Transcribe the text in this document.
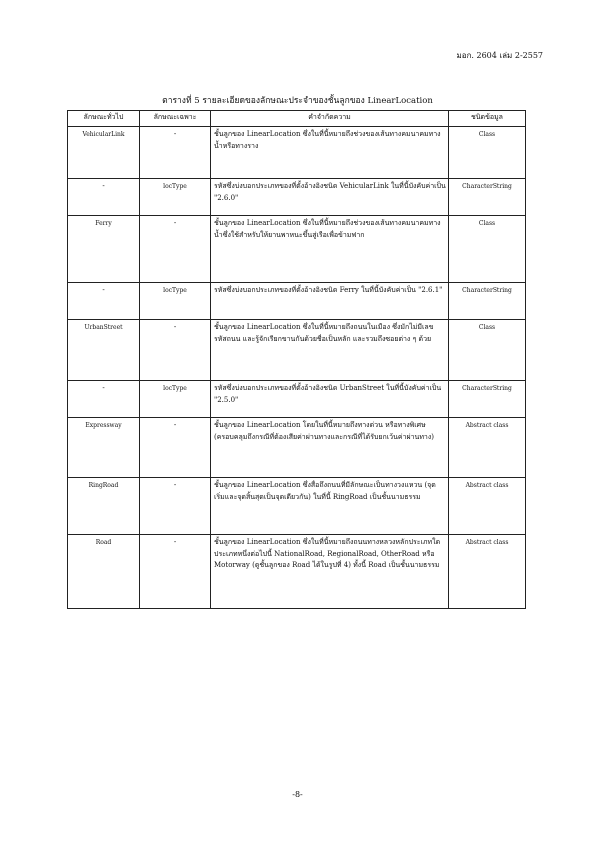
มอก. 2604 เล่ม 2-2557
ตารางที่ 5 รายละเอียดของลักษณะประจำของชั้นลูกของ LinearLocation
ลักษณะทั่วไป	ลักษณะเฉพาะ	คำจำกัดความ	ชนิดข้อมูล
VehicularLink	-	ชั้นลูกของ LinearLocation ซึ่งในที่นี้หมายถึงช่วงของเส้นทางคมนาคมทางน้ำหรือทางราง	Class
-	locType	รหัสซึ่งบ่งบอกประเภทของที่ตั้งอ้างอิงชนิด VehicularLink ในที่นี้บังคับค่าเป็น "2.6.0"	CharacterString
Ferry	-	ชั้นลูกของ LinearLocation ซึ่งในที่นี้หมายถึงช่วงของเส้นทางคมนาคมทางน้ำซึ่งใช้สำหรับให้ยานพาหนะขึ้นสู่เรือเพื่อข้ามฟาก	Class
-	locType	รหัสซึ่งบ่งบอกประเภทของที่ตั้งอ้างอิงชนิด Ferry ในที่นี้บังคับค่าเป็น "2.6.1"	CharacterString
UrbanStreet	-	ชั้นลูกของ LinearLocation ซึ่งในที่นี้หมายถึงถนนในเมือง ซึ่งมักไม่มีเลขรหัสถนน และรู้จักเรียกขานกันด้วยชื่อเป็นหลัก และรวมถึงซอยต่าง ๆ ด้วย	Class
-	locType	รหัสซึ่งบ่งบอกประเภทของที่ตั้งอ้างอิงชนิด UrbanStreet ในที่นี้บังคับค่าเป็น "2.5.0"	CharacterString
Expressway	-	ชั้นลูกของ LinearLocation โดยในที่นี้หมายถึงทางด่วน หรือทางพิเศษ (ครอบคลุมถึงกรณีที่ต้องเสียค่าผ่านทางและกรณีที่ได้รับยกเว้นค่าผ่านทาง)	Abstract class
RingRoad	-	ชั้นลูกของ LinearLocation ซึ่งสื่อถึงถนนที่มีลักษณะเป็นทางวงแหวน (จุดเริ่มและจุดสิ้นสุดเป็นจุดเดียวกัน) ในที่นี้ RingRoad เป็นชั้นนามธรรม	Abstract class
Road	-	ชั้นลูกของ LinearLocation ซึ่งในที่นี้หมายถึงถนนทางหลวงหลักประเภทใดประเภทหนึ่งต่อไปนี้ NationalRoad, RegionalRoad, OtherRoad หรือ Motorway (ดูชั้นลูกของ Road ได้ในรูปที่ 4) ทั้งนี้ Road เป็นชั้นนามธรรม	Abstract class
-8-
